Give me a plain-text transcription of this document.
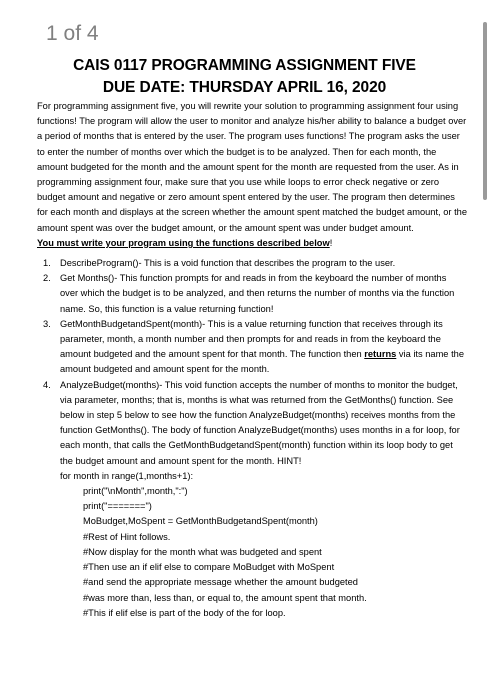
1 of 4
CAIS 0117 PROGRAMMING ASSIGNMENT FIVE
DUE DATE: THURSDAY APRIL 16, 2020

For programming assignment five, you will rewrite your solution to programming assignment four using functions! The program will allow the user to monitor and analyze his/her ability to balance a budget over a period of months that is entered by the user. The program uses functions! The program asks the user to enter the number of months over which the budget is to be analyzed. Then for each month, the amount budgeted for the month and the amount spent for the month are requested from the user. As in programming assignment four, make sure that you use while loops to error check negative or zero budget amount and negative or zero amount spent entered by the user. The program then determines for each month and displays at the screen whether the amount spent matched the budget amount, or the amount spent was over the budget amount, or the amount spent was under budget amount.

You must write your program using the functions described below!

1. DescribeProgram()- This is a void function that describes the program to the user.
2. Get Months()- This function prompts for and reads in from the keyboard the number of months over which the budget is to be analyzed, and then returns the number of months via the function name. So, this function is a value returning function!
3. GetMonthBudgetandSpent(month)- This is a value returning function that receives through its parameter, month, a month number and then prompts for and reads in from the keyboard the amount budgeted and the amount spent for that month. The function then returns via its name the amount budgeted and amount spent for the month.
4. AnalyzeBudget(months)- This void function accepts the number of months to monitor the budget, via parameter, months; that is, months is what was returned from the GetMonths() function. See below in step 5 below to see how the function AnalyzeBudget(months) receives months from the function GetMonths(). The body of function AnalyzeBudget(months) uses months in a for loop, for each month, that calls the GetMonthBudgetandSpent(month) function within its loop body to get the budget amount and amount spent for the month. HINT!
for month in range(1,months+1):
print("\nMonth",month,":")
print("=======")
MoBudget,MoSpent = GetMonthBudgetandSpent(month)
#Rest of Hint follows.
#Now display for the month what was budgeted and spent
#Then use an if elif else to compare MoBudget with MoSpent
#and send the appropriate message whether the amount budgeted
#was more than, less than, or equal to, the amount spent that month.
#This if elif else is part of the body of the for loop.
